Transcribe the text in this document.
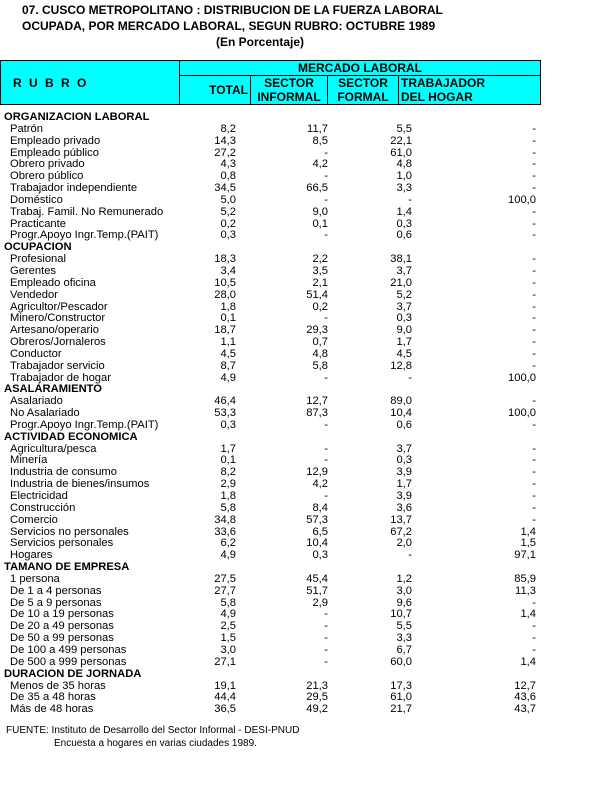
07. CUSCO METROPOLITANO : DISTRIBUCION DE LA FUERZA LABORAL
OCUPADA, POR MERCADO LABORAL, SEGUN RUBRO: OCTUBRE 1989
(En Porcentaje)
R U B R O	MERCADO LABORAL			
	TOTAL	SECTOR	SECTOR	TRABAJADOR
		INFORMAL	FORMAL	DEL HOGAR
ORGANIZACION LABORAL
Patrón	8,2	11,7	5,5	-
Empleado privado	14,3	8,5	22,1	-
Empleado público	27,2	-	61,0	-
Obrero privado	4,3	4,2	4,8	-
Obrero público	0,8	-	1,0	-
Trabajador independiente	34,5	66,5	3,3	-
Doméstico	5,0	-	-	100,0
Trabaj. Famil. No Remunerado	5,2	9,0	1,4	-
Practicante	0,2	0,1	0,3	-
Progr.Apoyo Ingr.Temp.(PAIT)	0,3	-	0,6	-
OCUPACION
Profesional	18,3	2,2	38,1	-
Gerentes	3,4	3,5	3,7	-
Empleado oficina	10,5	2,1	21,0	-
Vendedor	28,0	51,4	5,2	-
Agricultor/Pescador	1,8	0,2	3,7	-
Minero/Constructor	0,1	-	0,3	-
Artesano/operario	18,7	29,3	9,0	-
Obreros/Jornaleros	1,1	0,7	1,7	-
Conductor	4,5	4,8	4,5	-
Trabajador servicio	8,7	5,8	12,8	-
Trabajador de hogar	4,9	-	-	100,0
ASALARAMIENTO
Asalariado	46,4	12,7	89,0	-
No Asalariado	53,3	87,3	10,4	100,0
Progr.Apoyo Ingr.Temp.(PAIT)	0,3	-	0,6	-
ACTIVIDAD ECONOMICA
Agricultura/pesca	1,7	-	3,7	-
Minería	0,1	-	0,3	-
Industria de consumo	8,2	12,9	3,9	-
Industria de bienes/insumos	2,9	4,2	1,7	-
Electricidad	1,8	-	3,9	-
Construcción	5,8	8,4	3,6	-
Comercio	34,8	57,3	13,7	-
Servicios no personales	33,6	6,5	67,2	1,4
Servicios personales	6,2	10,4	2,0	1,5
Hogares	4,9	0,3	-	97,1
TAMAÑO DE EMPRESA
1 persona	27,5	45,4	1,2	85,9
De 1 a 4 personas	27,7	51,7	3,0	11,3
De 5 a 9 personas	5,8	2,9	9,6	-
De 10 a 19 personas	4,9	-	10,7	1,4
De 20 a 49 personas	2,5	-	5,5	-
De 50 a 99 personas	1,5	-	3,3	-
De 100 a 499 personas	3,0	-	6,7	-
De 500 a 999 personas	27,1	-	60,0	1,4
DURACION DE JORNADA
Menos de 35 horas	19,1	21,3	17,3	12,7
De 35 a 48 horas	44,4	29,5	61,0	43,6
Más de 48 horas	36,5	49,2	21,7	43,7
FUENTE: Instituto de Desarrollo del Sector Informal - DESI-PNUD
Encuesta a hogares en varias ciudades 1989.
